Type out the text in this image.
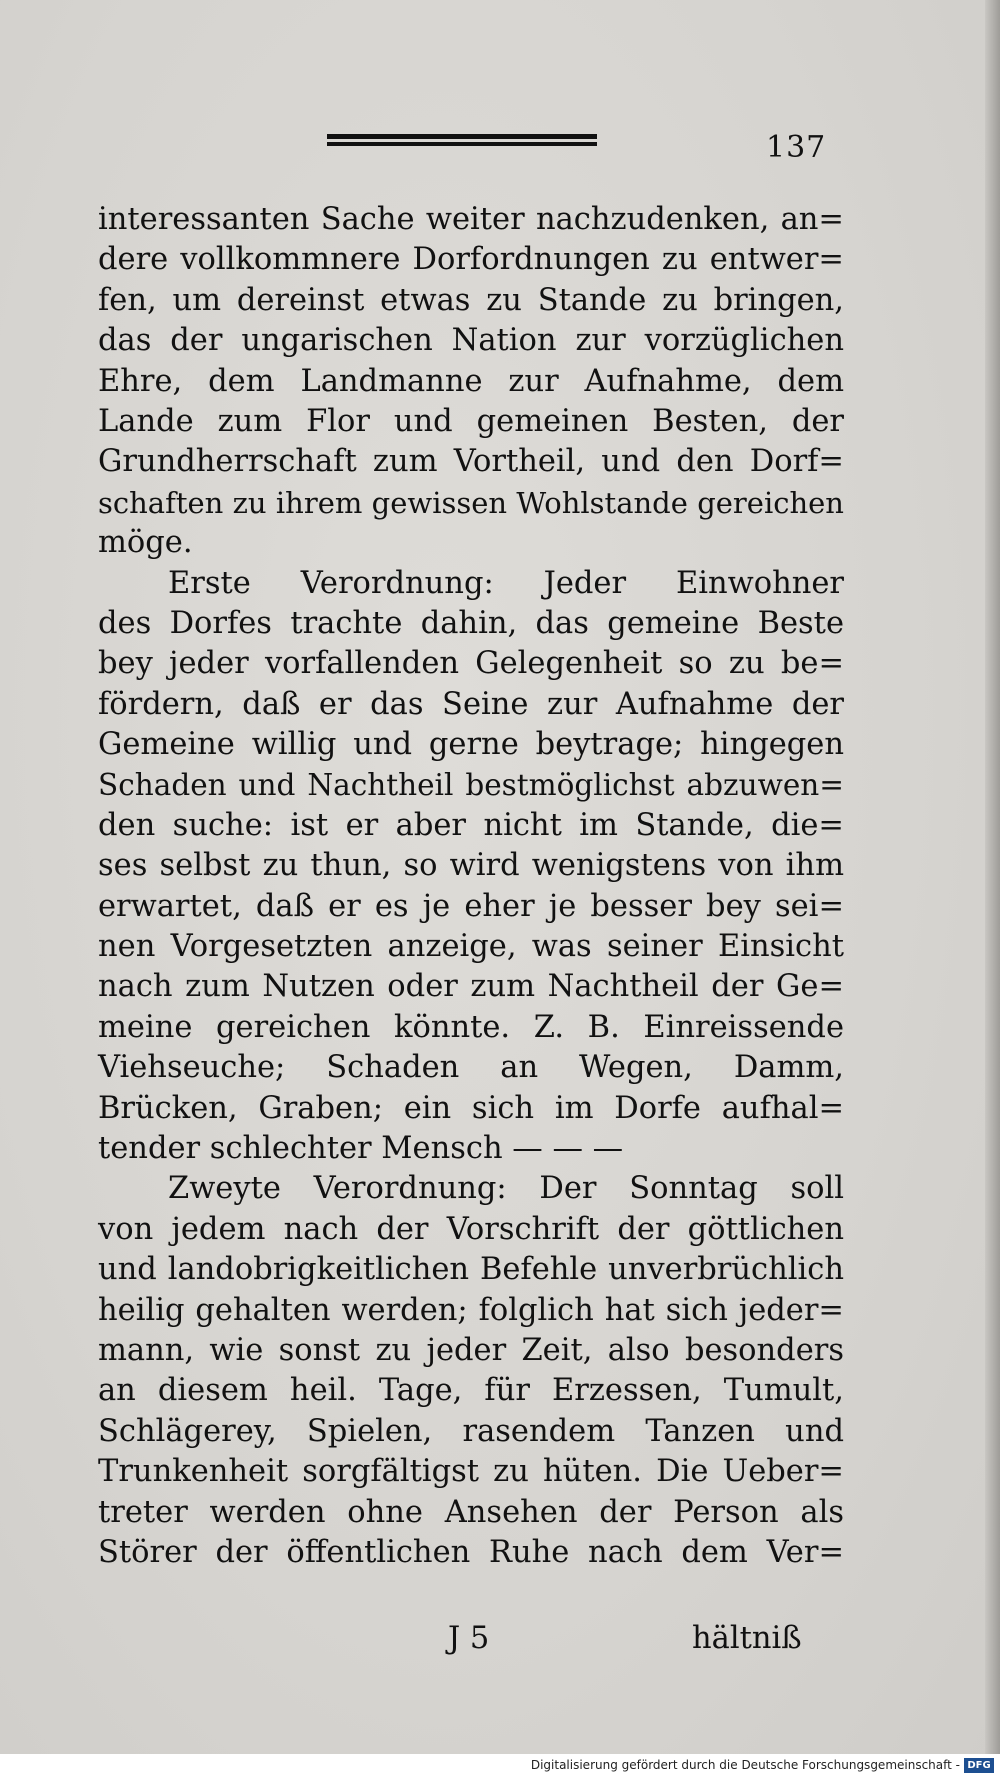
137
interessanten Sache weiter nachzudenken, an=
dere vollkommnere Dorfordnungen zu entwer=
fen, um dereinst etwas zu Stande zu bringen,
das der ungarischen Nation zur vorzüglichen
Ehre, dem Landmanne zur Aufnahme, dem
Lande zum Flor und gemeinen Besten, der
Grundherrschaft zum Vortheil, und den Dorf=
schaften zu ihrem gewissen Wohlstande gereichen
möge.
Erste Verordnung: Jeder Einwohner
des Dorfes trachte dahin, das gemeine Beste
bey jeder vorfallenden Gelegenheit so zu be=
fördern, daß er das Seine zur Aufnahme der
Gemeine willig und gerne beytrage; hingegen
Schaden und Nachtheil bestmöglichst abzuwen=
den suche: ist er aber nicht im Stande, die=
ses selbst zu thun, so wird wenigstens von ihm
erwartet, daß er es je eher je besser bey sei=
nen Vorgesetzten anzeige, was seiner Einsicht
nach zum Nutzen oder zum Nachtheil der Ge=
meine gereichen könnte. Z. B. Einreissende
Viehseuche; Schaden an Wegen, Damm,
Brücken, Graben; ein sich im Dorfe aufhal=
tender schlechter Mensch — — —
Zweyte Verordnung: Der Sonntag soll
von jedem nach der Vorschrift der göttlichen
und landobrigkeitlichen Befehle unverbrüchlich
heilig gehalten werden; folglich hat sich jeder=
mann, wie sonst zu jeder Zeit, also besonders
an diesem heil. Tage, für Erzessen, Tumult,
Schlägerey, Spielen, rasendem Tanzen und
Trunkenheit sorgfältigst zu hüten. Die Ueber=
treter werden ohne Ansehen der Person als
Störer der öffentlichen Ruhe nach dem Ver=
J 5	hältniß
Digitalisierung gefördert durch die Deutsche Forschungsgemeinschaft - DFG
